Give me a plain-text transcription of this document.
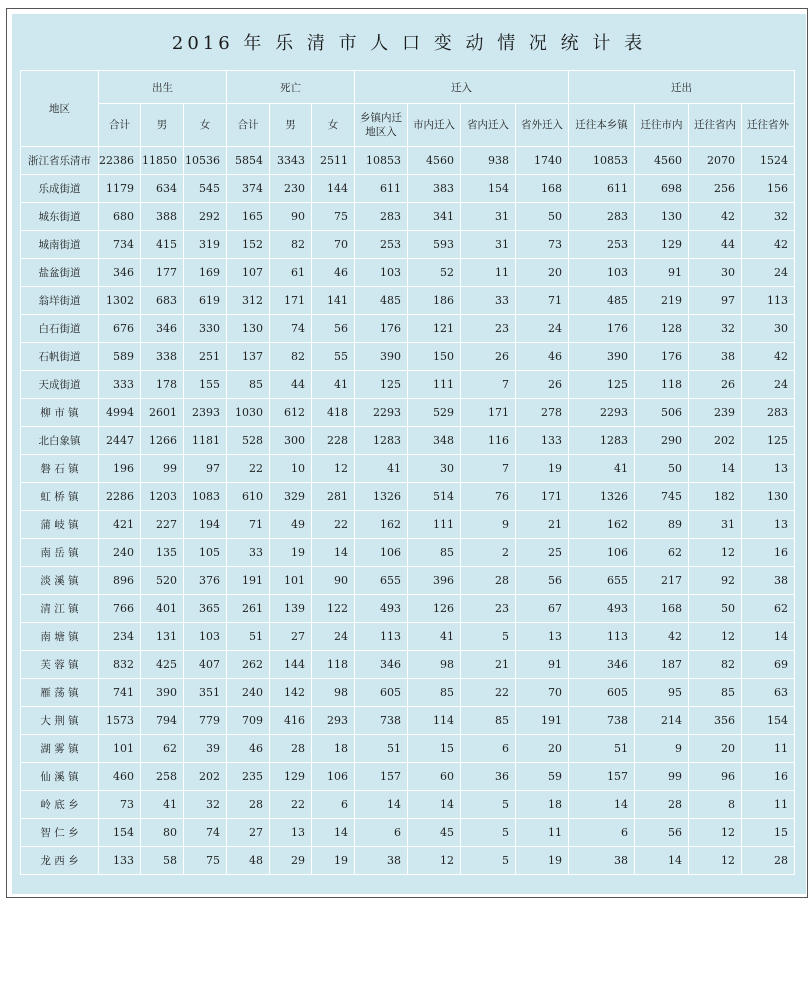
2016 年 乐 清 市 人 口 变 动 情 况 统 计 表
地区	出生			死亡			迁入				迁出			
	合计	男	女	合计	男	女	乡镇内迁地区入	市内迁入	省内迁入	省外迁入	迁往本乡镇	迁往市内	迁往省内	迁往省外
浙江省乐清市	22386	11850	10536	5854	3343	2511	10853	4560	938	1740	10853	4560	2070	1524
乐成街道	1179	634	545	374	230	144	611	383	154	168	611	698	256	156
城东街道	680	388	292	165	90	75	283	341	31	50	283	130	42	32
城南街道	734	415	319	152	82	70	253	593	31	73	253	129	44	42
盐盆街道	346	177	169	107	61	46	103	52	11	20	103	91	30	24
翁垟街道	1302	683	619	312	171	141	485	186	33	71	485	219	97	113
白石街道	676	346	330	130	74	56	176	121	23	24	176	128	32	30
石帆街道	589	338	251	137	82	55	390	150	26	46	390	176	38	42
天成街道	333	178	155	85	44	41	125	111	7	26	125	118	26	24
柳 市 镇	4994	2601	2393	1030	612	418	2293	529	171	278	2293	506	239	283
北白象镇	2447	1266	1181	528	300	228	1283	348	116	133	1283	290	202	125
磐 石 镇	196	99	97	22	10	12	41	30	7	19	41	50	14	13
虹 桥 镇	2286	1203	1083	610	329	281	1326	514	76	171	1326	745	182	130
蒲 岐 镇	421	227	194	71	49	22	162	111	9	21	162	89	31	13
南 岳 镇	240	135	105	33	19	14	106	85	2	25	106	62	12	16
淡 溪 镇	896	520	376	191	101	90	655	396	28	56	655	217	92	38
清 江 镇	766	401	365	261	139	122	493	126	23	67	493	168	50	62
南 塘 镇	234	131	103	51	27	24	113	41	5	13	113	42	12	14
芙 蓉 镇	832	425	407	262	144	118	346	98	21	91	346	187	82	69
雁 荡 镇	741	390	351	240	142	98	605	85	22	70	605	95	85	63
大 荆 镇	1573	794	779	709	416	293	738	114	85	191	738	214	356	154
湖 雾 镇	101	62	39	46	28	18	51	15	6	20	51	9	20	11
仙 溪 镇	460	258	202	235	129	106	157	60	36	59	157	99	96	16
岭 底 乡	73	41	32	28	22	6	14	14	5	18	14	28	8	11
智 仁 乡	154	80	74	27	13	14	6	45	5	11	6	56	12	15
龙 西 乡	133	58	75	48	29	19	38	12	5	19	38	14	12	28
